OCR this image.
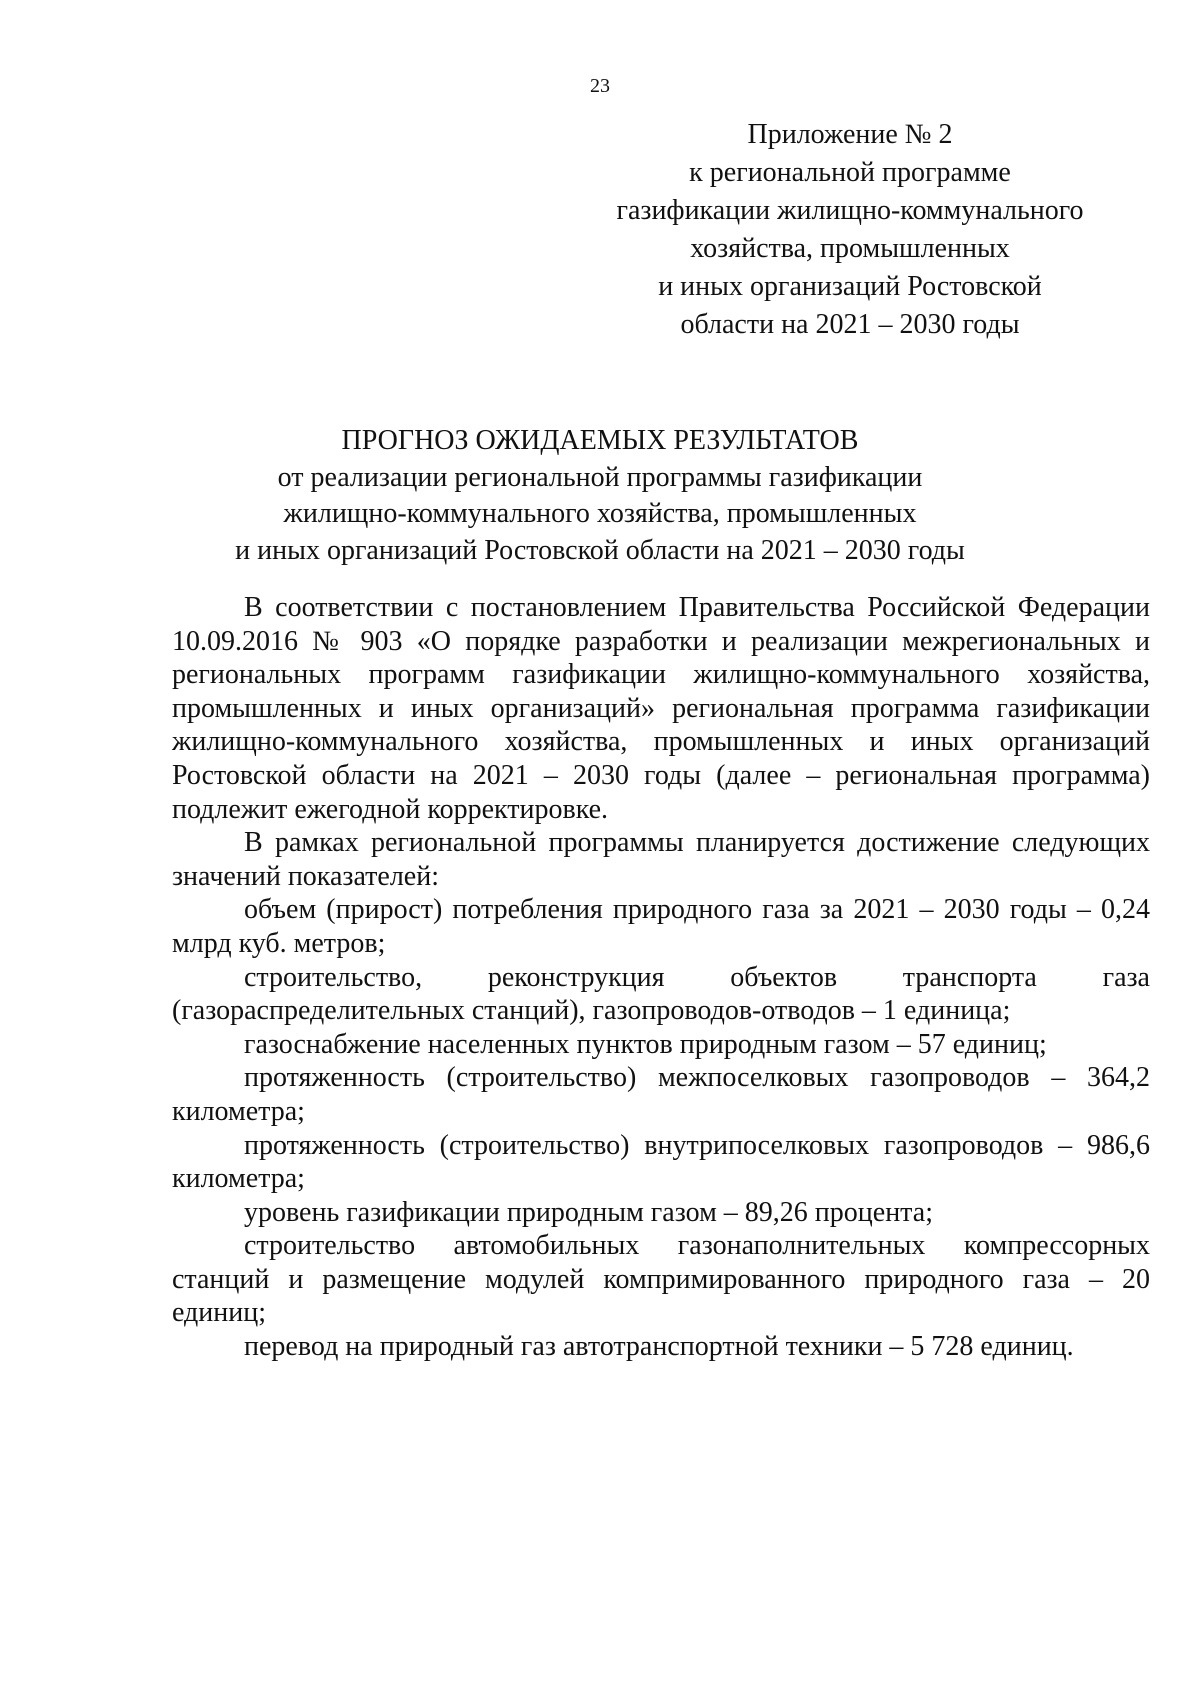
23
Приложение № 2
к региональной программе
газификации жилищно-коммунального
хозяйства, промышленных
и иных организаций Ростовской
области на 2021 – 2030 годы
ПРОГНОЗ ОЖИДАЕМЫХ РЕЗУЛЬТАТОВ
от реализации региональной программы газификации
жилищно-коммунального хозяйства, промышленных
и иных организаций Ростовской области на 2021 – 2030 годы

В соответствии с постановлением Правительства Российской Федерации 10.09.2016 № 903 «О порядке разработки и реализации межрегиональных и региональных программ газификации жилищно-коммунального хозяйства, промышленных и иных организаций» региональная программа газификации жилищно-коммунального хозяйства, промышленных и иных организаций Ростовской области на 2021 – 2030 годы (далее – региональная программа) подлежит ежегодной корректировке.

В рамках региональной программы планируется достижение следующих значений показателей:

объем (прирост) потребления природного газа за 2021 – 2030 годы – 0,24 млрд куб. метров;

строительство, реконструкция объектов транспорта газа (газораспределительных станций), газопроводов-отводов – 1 единица;

газоснабжение населенных пунктов природным газом – 57 единиц;

протяженность (строительство) межпоселковых газопроводов – 364,2 километра;

протяженность (строительство) внутрипоселковых газопроводов – 986,6 километра;

уровень газификации природным газом – 89,26 процента;

строительство автомобильных газонаполнительных компрессорных станций и размещение модулей компримированного природного газа – 20 единиц;

перевод на природный газ автотранспортной техники – 5 728 единиц.
